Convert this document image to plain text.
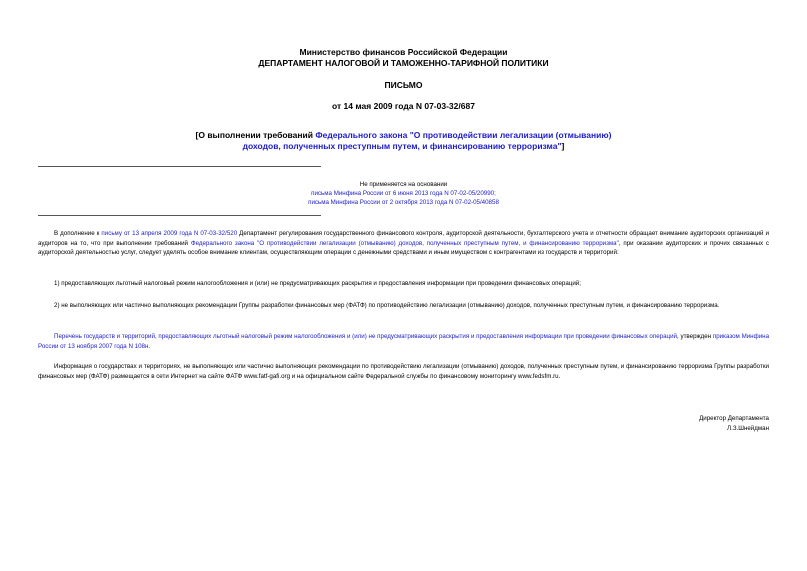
Министерство финансов Российской Федерации
ДЕПАРТАМЕНТ НАЛОГОВОЙ И ТАМОЖЕННО-ТАРИФНОЙ ПОЛИТИКИ
ПИСЬМО
от 14 мая 2009 года N 07-03-32/687
[О выполнении требований Федерального закона "О противодействии легализации (отмыванию)
доходов, полученных преступным путем, и финансированию терроризма"]
Не применяется на основании
письма Минфина России от 6 июня 2013 года N 07-02-05/20990;
письма Минфина России от 2 октября 2013 года N 07-02-05/40858
В дополнение к письму от 13 апреля 2009 года N 07-03-32/520 Департамент регулирования государственного финансового контроля, аудиторской деятельности, бухгалтерского учета и отчетности обращает внимание аудиторских организаций и аудиторов на то, что при выполнении требований Федерального закона "О противодействии легализации (отмыванию) доходов, полученных преступным путем, и финансированию терроризма", при оказании аудиторских и прочих связанных с аудиторской деятельностью услуг, следует уделять особое внимание клиентам, осуществляющим операции с денежными средствами и иным имуществом с контрагентами из государств и территорий:
1) предоставляющих льготный налоговый режим налогообложения и (или) не предусматривающих раскрытия и предоставления информации при проведении финансовых операций;
2) не выполняющих или частично выполняющих рекомендации Группы разработки финансовых мер (ФАТФ) по противодействию легализации (отмыванию) доходов, полученных преступным путем, и финансированию терроризма.
Перечень государств и территорий, предоставляющих льготный налоговый режим налогообложения и (или) не предусматривающих раскрытия и предоставления информации при проведении финансовых операций, утвержден приказом Минфина России от 13 ноября 2007 года N 108н.
Информация о государствах и территориях, не выполняющих или частично выполняющих рекомендации по противодействию легализации (отмыванию) доходов, полученных преступным путем, и финансированию терроризма Группы разработки финансовых мер (ФАТФ) размещается в сети Интернет на сайте ФАТФ www.fatf-gafi.org и на официальном сайте Федеральной службы по финансовому мониторингу www.fedsfm.ru.
Директор Департамента
Л.З.Шнейдман
